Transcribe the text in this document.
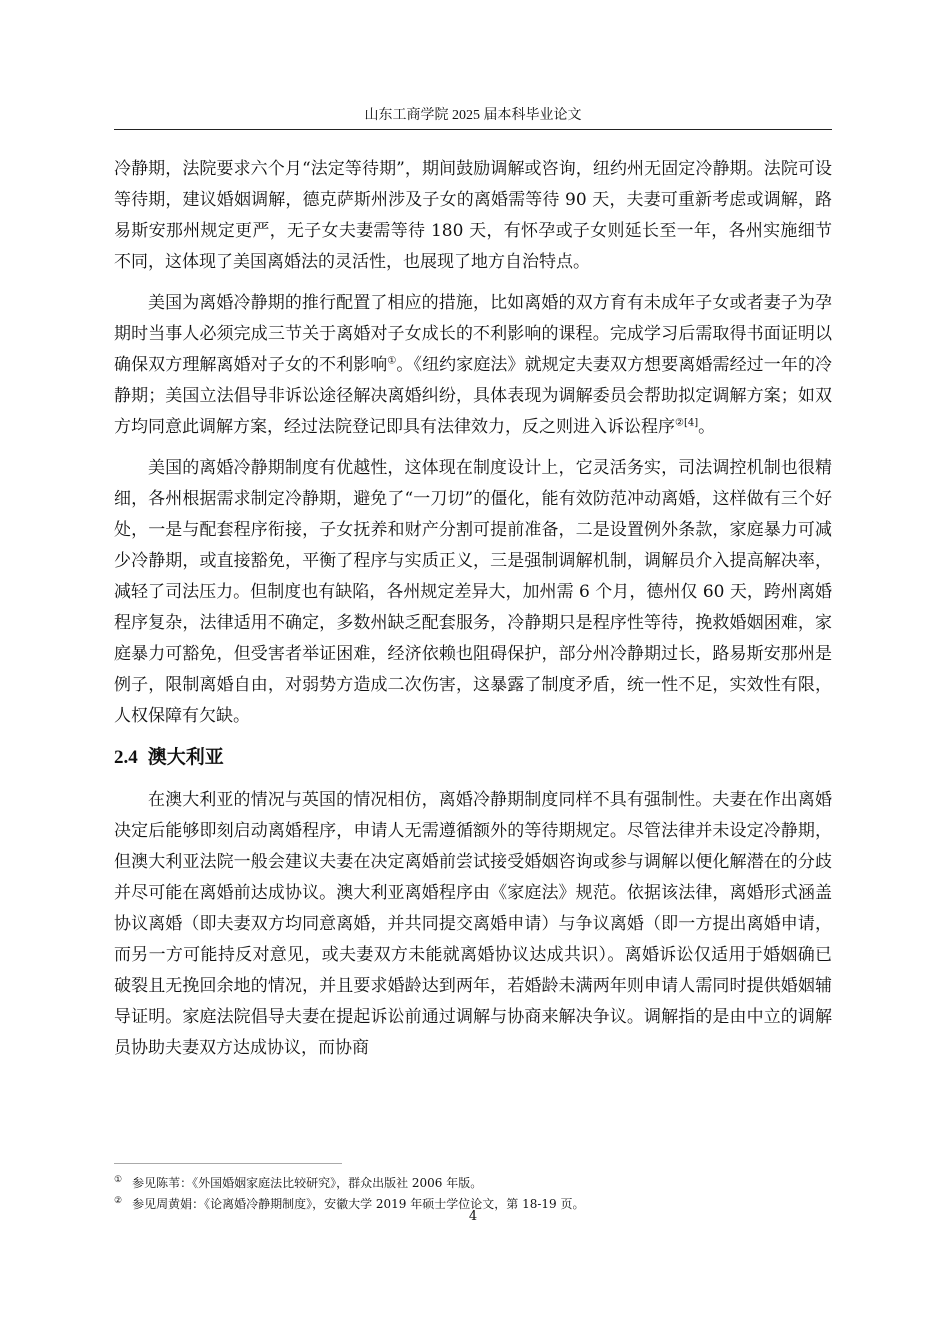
山东工商学院 2025 届本科毕业论文

冷静期，法院要求六个月“法定等待期”，期间鼓励调解或咨询，纽约州无固定冷静期。法院可设等待期，建议婚姻调解，德克萨斯州涉及子女的离婚需等待 90 天，夫妻可重新考虑或调解，路易斯安那州规定更严，无子女夫妻需等待 180 天，有怀孕或子女则延长至一年，各州实施细节不同，这体现了美国离婚法的灵活性，也展现了地方自治特点。

美国为离婚冷静期的推行配置了相应的措施，比如离婚的双方育有未成年子女或者妻子为孕期时当事人必须完成三节关于离婚对子女成长的不利影响的课程。完成学习后需取得书面证明以确保双方理解离婚对子女的不利影响①。《纽约家庭法》就规定夫妻双方想要离婚需经过一年的冷静期；美国立法倡导非诉讼途径解决离婚纠纷，具体表现为调解委员会帮助拟定调解方案；如双方均同意此调解方案，经过法院登记即具有法律效力，反之则进入诉讼程序$^{②[4]}$。

美国的离婚冷静期制度有优越性，这体现在制度设计上，它灵活务实，司法调控机制也很精细，各州根据需求制定冷静期，避免了“一刀切”的僵化，能有效防范冲动离婚，这样做有三个好处，一是与配套程序衔接，子女抚养和财产分割可提前准备，二是设置例外条款，家庭暴力可减少冷静期，或直接豁免，平衡了程序与实质正义，三是强制调解机制，调解员介入提高解决率，减轻了司法压力。但制度也有缺陷，各州规定差异大，加州需 6 个月，德州仅 60 天，跨州离婚程序复杂，法律适用不确定，多数州缺乏配套服务，冷静期只是程序性等待，挽救婚姻困难，家庭暴力可豁免，但受害者举证困难，经济依赖也阻碍保护，部分州冷静期过长，路易斯安那州是例子，限制离婚自由，对弱势方造成二次伤害，这暴露了制度矛盾，统一性不足，实效性有限，人权保障有欠缺。

2.4 澳大利亚

在澳大利亚的情况与英国的情况相仿，离婚冷静期制度同样不具有强制性。夫妻在作出离婚决定后能够即刻启动离婚程序，申请人无需遵循额外的等待期规定。尽管法律并未设定冷静期，但澳大利亚法院一般会建议夫妻在决定离婚前尝试接受婚姻咨询或参与调解以便化解潜在的分歧并尽可能在离婚前达成协议。澳大利亚离婚程序由《家庭法》规范。依据该法律，离婚形式涵盖协议离婚（即夫妻双方均同意离婚，并共同提交离婚申请）与争议离婚（即一方提出离婚申请，而另一方可能持反对意见，或夫妻双方未能就离婚协议达成共识）。离婚诉讼仅适用于婚姻确已破裂且无挽回余地的情况，并且要求婚龄达到两年，若婚龄未满两年则申请人需同时提供婚姻辅导证明。家庭法院倡导夫妻在提起诉讼前通过调解与协商来解决争议。调解指的是由中立的调解员协助夫妻双方达成协议，而协商

① 参见陈苇：《外国婚姻家庭法比较研究》，群众出版社 2006 年版。
② 参见周黄娟：《论离婚冷静期制度》，安徽大学 2019 年硕士学位论文，第 18-19 页。
4
